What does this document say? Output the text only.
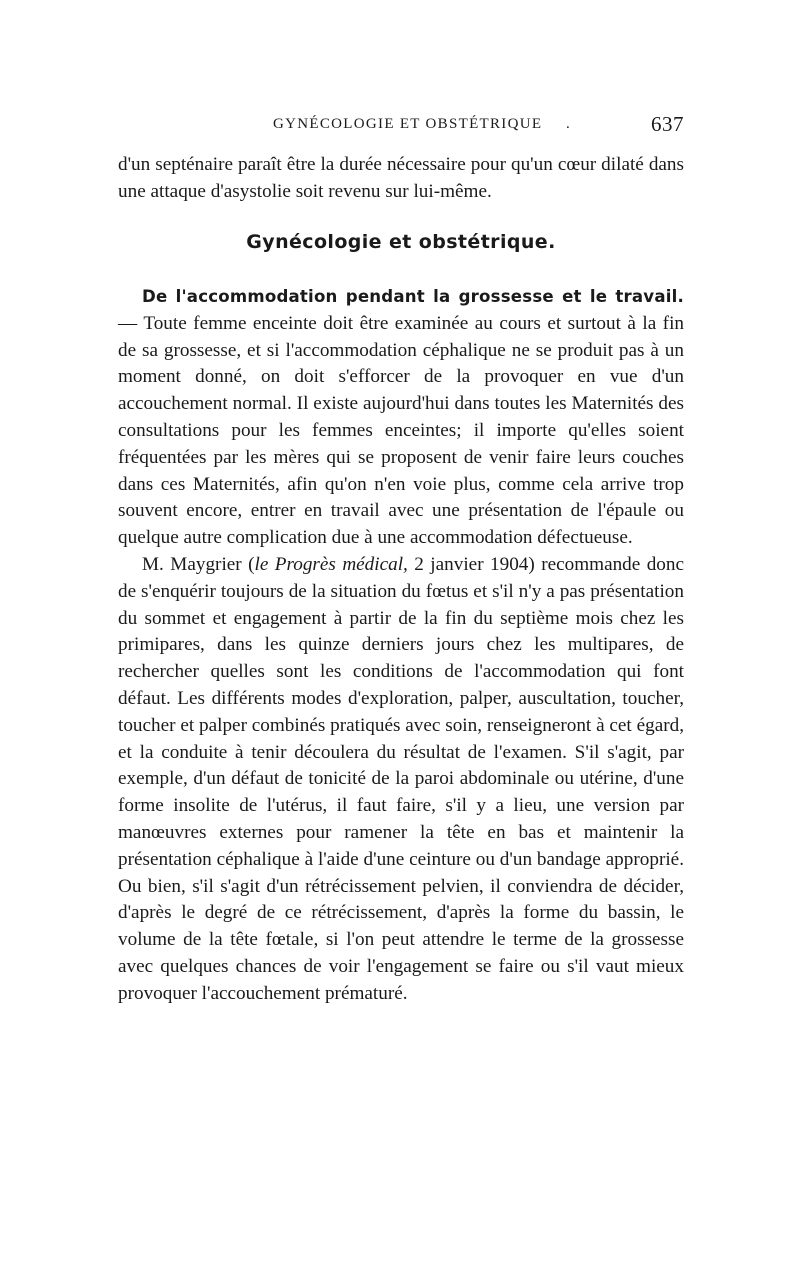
GYNÉCOLOGIE ET OBSTÉTRIQUE .	637

d'un septénaire paraît être la durée nécessaire pour qu'un cœur dilaté dans une attaque d'asystolie soit revenu sur lui-même.

Gynécologie et obstétrique.

De l'accommodation pendant la grossesse et le travail. — Toute femme enceinte doit être examinée au cours et surtout à la fin de sa grossesse, et si l'accommodation céphalique ne se produit pas à un moment donné, on doit s'efforcer de la provoquer en vue d'un accouchement normal. Il existe aujourd'hui dans toutes les Maternités des consultations pour les femmes enceintes; il importe qu'elles soient fréquentées par les mères qui se proposent de venir faire leurs couches dans ces Maternités, afin qu'on n'en voie plus, comme cela arrive trop souvent encore, entrer en travail avec une présentation de l'épaule ou quelque autre complication due à une accommodation défectueuse.

M. Maygrier (le Progrès médical, 2 janvier 1904) recommande donc de s'enquérir toujours de la situation du fœtus et s'il n'y a pas présentation du sommet et engagement à partir de la fin du septième mois chez les primipares, dans les quinze derniers jours chez les multipares, de rechercher quelles sont les conditions de l'accommodation qui font défaut. Les différents modes d'exploration, palper, auscultation, toucher, toucher et palper combinés pratiqués avec soin, renseigneront à cet égard, et la conduite à tenir découlera du résultat de l'examen. S'il s'agit, par exemple, d'un défaut de tonicité de la paroi abdominale ou utérine, d'une forme insolite de l'utérus, il faut faire, s'il y a lieu, une version par manœuvres externes pour ramener la tête en bas et maintenir la présentation céphalique à l'aide d'une ceinture ou d'un bandage approprié. Ou bien, s'il s'agit d'un rétrécissement pelvien, il conviendra de décider, d'après le degré de ce rétrécissement, d'après la forme du bassin, le volume de la tête fœtale, si l'on peut attendre le terme de la grossesse avec quelques chances de voir l'engagement se faire ou s'il vaut mieux provoquer l'accouchement prématuré.
